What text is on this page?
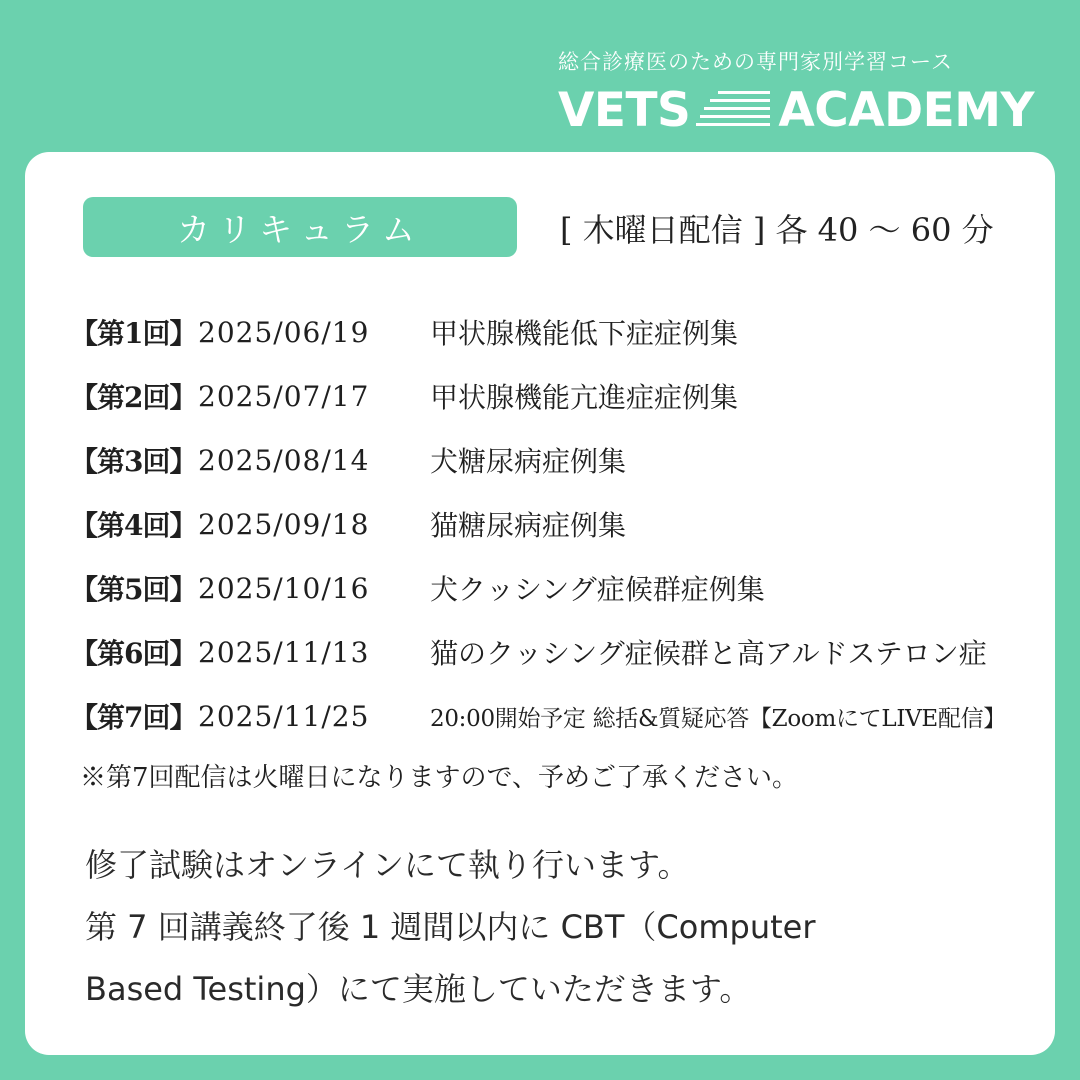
総合診療医のための専門家別学習コース
VETS ACADEMY
カリキュラム	[ 木曜日配信 ] 各 40 〜 60 分
【第1回】 2025/06/19	甲状腺機能低下症症例集
【第2回】 2025/07/17	甲状腺機能亢進症症例集
【第3回】 2025/08/14	犬糖尿病症例集
【第4回】 2025/09/18	猫糖尿病症例集
【第5回】 2025/10/16	犬クッシング症候群症例集
【第6回】 2025/11/13	猫のクッシング症候群と高アルドステロン症
【第7回】 2025/11/25	20:00開始予定 総括&質疑応答【ZoomにてLIVE配信】
※第7回配信は火曜日になりますので、予めご了承ください。
修了試験はオンラインにて執り行います。
第 7 回講義終了後 1 週間以内に CBT（Computer
Based Testing）にて実施していただきます。
